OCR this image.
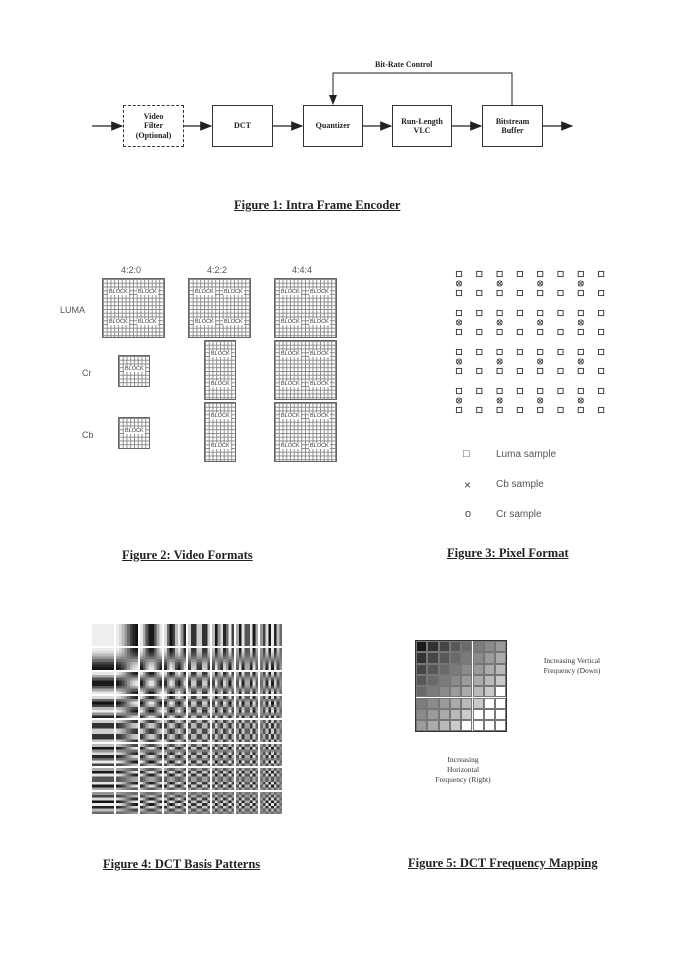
Bit-Rate Control
Video
Filter
(Optional)
DCT	Quantizer
Run-Length
VLC
Bitstream
Buffer
Figure 1: Intra Frame Encoder
4:2:0	4:2:2	4:4:4
LUMA
Cr
Cb
BLOCK BLOCK
BLOCK BLOCK
BLOCK BLOCK
BLOCK BLOCK
BLOCK BLOCK
BLOCK BLOCK
BLOCK
BLOCK
BLOCK
BLOCK BLOCK
BLOCK BLOCK
BLOCK
BLOCK
BLOCK
BLOCK BLOCK
BLOCK BLOCK
Figure 2: Video Formats
□	Luma sample
× Cb sample
o Cr sample
Figure 3: Pixel Format
Figure 4: DCT Basis Patterns
Increasing Vertical
Frequency (Down)
Increasing
Horizontal
Frequency (Right)
Figure 5: DCT Frequency Mapping
